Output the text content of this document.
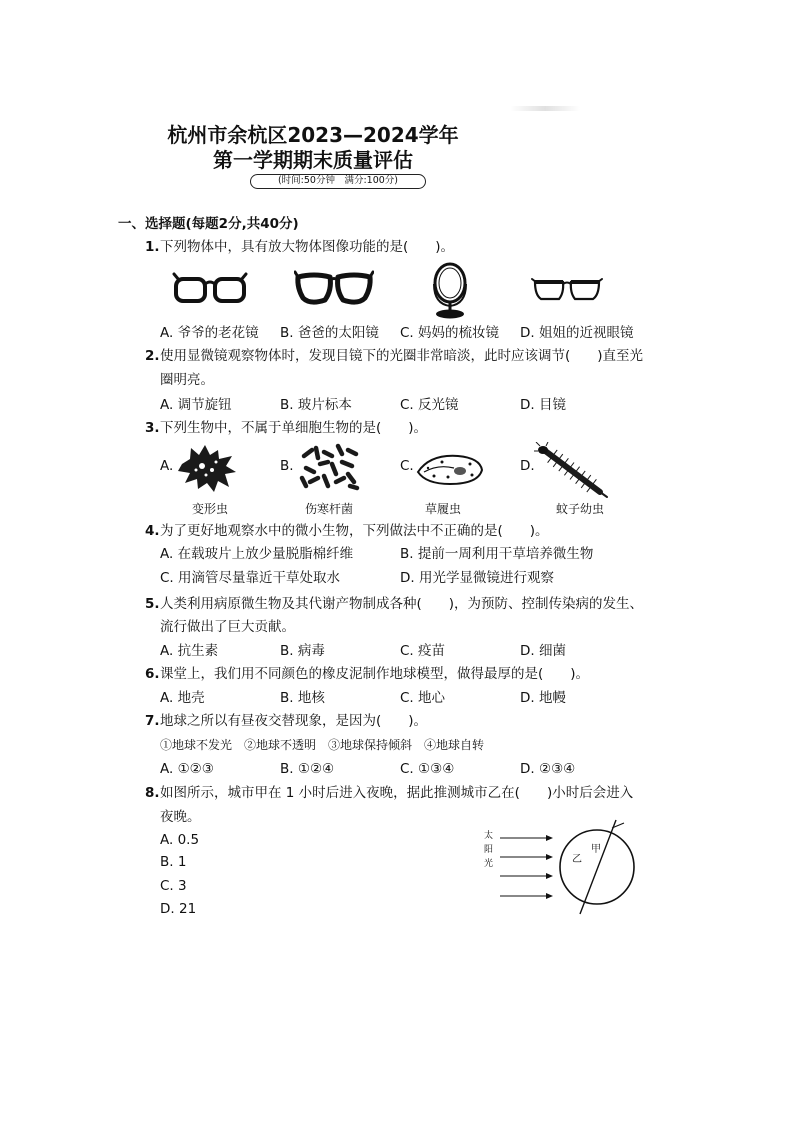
杭州市余杭区2023—2024学年
第一学期期末质量评估
(时间:50分钟　满分:100分)
一、选择题(每题2分,共40分)
1. 下列物体中，具有放大物体图像功能的是(　　)。
A. 爷爷的老花镜 B. 爸爸的太阳镜 C. 妈妈的梳妆镜 D. 姐姐的近视眼镜
2. 使用显微镜观察物体时，发现目镜下的光圈非常暗淡，此时应该调节(　　)直至光
圈明亮。
A. 调节旋钮	B. 玻片标本	C. 反光镜	D. 目镜
3. 下列生物中，不属于单细胞生物的是(　　)。
A.	B.	C.	D.
变形虫	伤寒杆菌	草履虫	蚊子幼虫
4. 为了更好地观察水中的微小生物，下列做法中不正确的是(　　)。
A. 在载玻片上放少量脱脂棉纤维	B. 提前一周利用干草培养微生物
C. 用滴管尽量靠近干草处取水	D. 用光学显微镜进行观察
5. 人类利用病原微生物及其代谢产物制成各种(　　)，为预防、控制传染病的发生、
流行做出了巨大贡献。
A. 抗生素	B. 病毒	C. 疫苗	D. 细菌
6. 课堂上，我们用不同颜色的橡皮泥制作地球模型，做得最厚的是(　　)。
A. 地壳	B. 地核	C. 地心	D. 地幔
7. 地球之所以有昼夜交替现象，是因为(　　)。
①地球不发光　②地球不透明　③地球保持倾斜　④地球自转
A. ①②③	B. ①②④	C. ①③④	D. ②③④
8. 如图所示，城市甲在 1 小时后进入夜晚，据此推测城市乙在(　　)小时后会进入
夜晚。
A. 0.5
B. 1
C. 3
D. 21
太阳光	甲
乙
